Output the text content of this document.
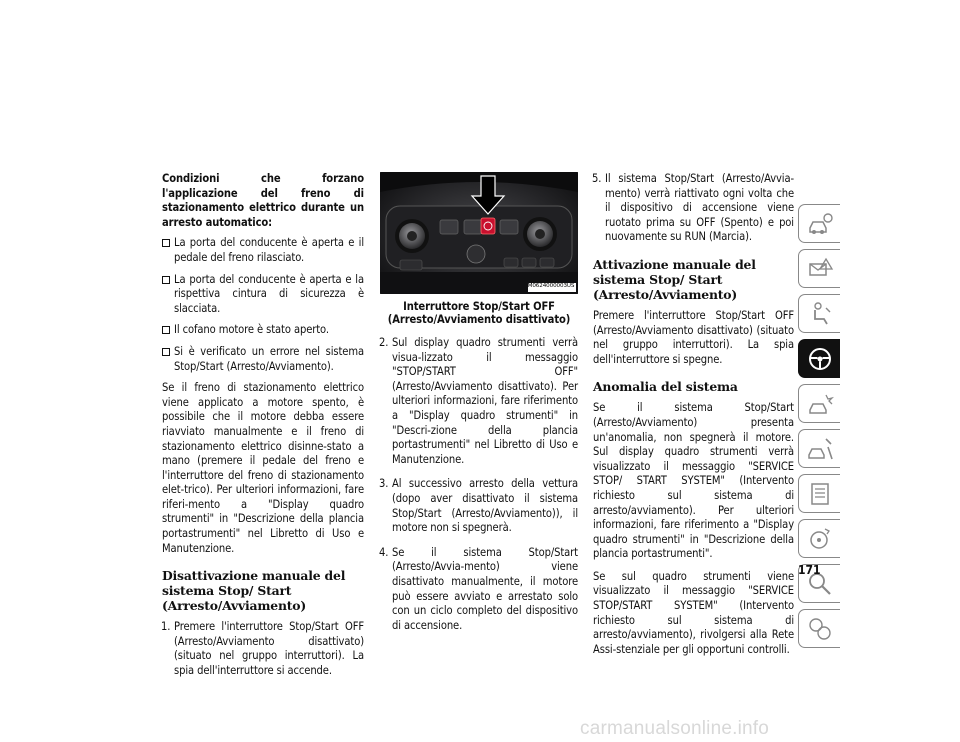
Condizioni che forzano l'applicazione del freno di stazionamento elettrico durante un arresto automatico:

La porta del conducente è aperta e il pedale del freno rilasciato.
La porta del conducente è aperta e la rispettiva cintura di sicurezza è slacciata.
Il cofano motore è stato aperto.
Si è verificato un errore nel sistema Stop/Start (Arresto/Avviamento).

Se il freno di stazionamento elettrico viene applicato a motore spento, è possibile che il motore debba essere riavviato manualmente e il freno di stazionamento elettrico disinne-stato a mano (premere il pedale del freno e l'interruttore del freno di stazionamento elet-trico). Per ulteriori informazioni, fare riferi-mento a "Display quadro strumenti" in "Descrizione della plancia portastrumenti" nel Libretto di Uso e Manutenzione.

Disattivazione manuale del sistema Stop/ Start (Arresto/Avviamento)
1. Premere l'interruttore Stop/Start OFF (Arresto/Avviamento disattivato) (situato nel gruppo interruttori). La spia dell'interruttore si accende.
M0624000003US

Interruttore Stop/Start OFF (Arresto/Avviamento disattivato)

2. Sul display quadro strumenti verrà visua-lizzato il messaggio "STOP/START OFF" (Arresto/Avviamento disattivato). Per ulteriori informazioni, fare riferimento a "Display quadro strumenti" in "Descri-zione della plancia portastrumenti" nel Libretto di Uso e Manutenzione.
3. Al successivo arresto della vettura (dopo aver disattivato il sistema Stop/Start (Arresto/Avviamento)), il motore non si spegnerà.
4. Se il sistema Stop/Start (Arresto/Avvia-mento) viene disattivato manualmente, il motore può essere avviato e arrestato solo con un ciclo completo del dispositivo di accensione.
5. Il sistema Stop/Start (Arresto/Avvia-mento) verrà riattivato ogni volta che il dispositivo di accensione viene ruotato prima su OFF (Spento) e poi nuovamente su RUN (Marcia).
Attivazione manuale del sistema Stop/ Start (Arresto/Avviamento)

Premere l'interruttore Stop/Start OFF (Arresto/Avviamento disattivato) (situato nel gruppo interruttori). La spia dell'interruttore si spegne.

Anomalia del sistema

Se il sistema Stop/Start (Arresto/Avviamento) presenta un'anomalia, non spegnerà il motore. Sul display quadro strumenti verrà visualizzato il messaggio "SERVICE STOP/ START SYSTEM" (Intervento richiesto sul sistema di arresto/avviamento). Per ulteriori informazioni, fare riferimento a "Display quadro strumenti" in "Descrizione della plancia portastrumenti".

Se sul quadro strumenti viene visualizzato il messaggio "SERVICE STOP/START SYSTEM" (Intervento richiesto sul sistema di arresto/avviamento), rivolgersi alla Rete Assi-stenziale per gli opportuni controlli.

171
carmanualsonline.info
